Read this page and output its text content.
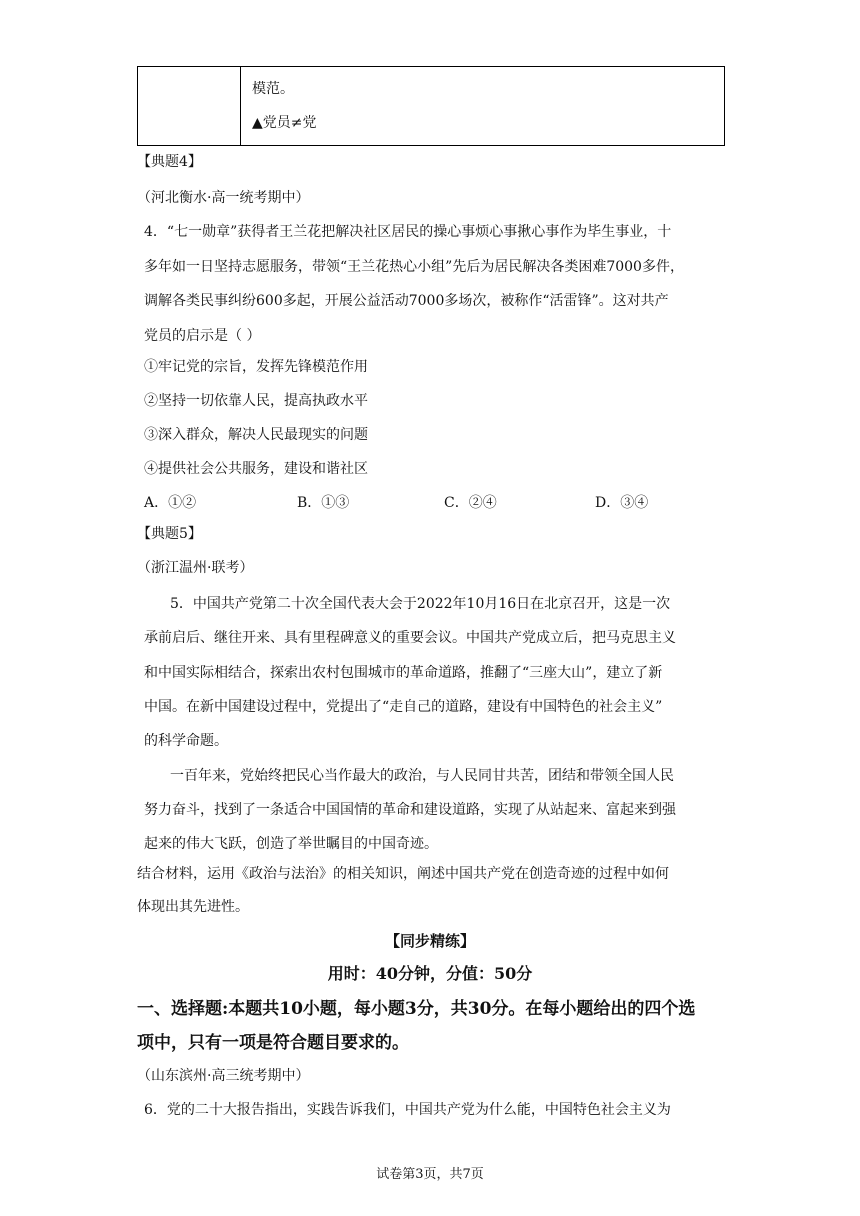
模范。
▲党员≠党
【典题4】
（河北衡水·高一统考期中）
4．“七一勋章”获得者王兰花把解决社区居民的操心事烦心事揪心事作为毕生事业，十
多年如一日坚持志愿服务，带领“王兰花热心小组”先后为居民解决各类困难7000多件，
调解各类民事纠纷600多起，开展公益活动7000多场次，被称作“活雷锋”。这对共产
党员的启示是（ ）
①牢记党的宗旨，发挥先锋模范作用
②坚持一切依靠人民，提高执政水平
③深入群众，解决人民最现实的问题
④提供社会公共服务，建设和谐社区
A．①②	B．①③	C．②④	D．③④
【典题5】
（浙江温州·联考）
5．中国共产党第二十次全国代表大会于2022年10月16日在北京召开，这是一次
承前启后、继往开来、具有里程碑意义的重要会议。中国共产党成立后，把马克思主义
和中国实际相结合，探索出农村包围城市的革命道路，推翻了“三座大山”，建立了新
中国。在新中国建设过程中，党提出了“走自己的道路，建设有中国特色的社会主义”
的科学命题。
一百年来，党始终把民心当作最大的政治，与人民同甘共苦，团结和带领全国人民
努力奋斗，找到了一条适合中国国情的革命和建设道路，实现了从站起来、富起来到强
起来的伟大飞跃，创造了举世瞩目的中国奇迹。
结合材料，运用《政治与法治》的相关知识，阐述中国共产党在创造奇迹的过程中如何
体现出其先进性。
【同步精练】
用时：40分钟，分值：50分
一、选择题:本题共10小题，每小题3分，共30分。在每小题给出的四个选
项中，只有一项是符合题目要求的。
（山东滨州·高三统考期中）
6．党的二十大报告指出，实践告诉我们，中国共产党为什么能，中国特色社会主义为
试卷第3页，共7页
